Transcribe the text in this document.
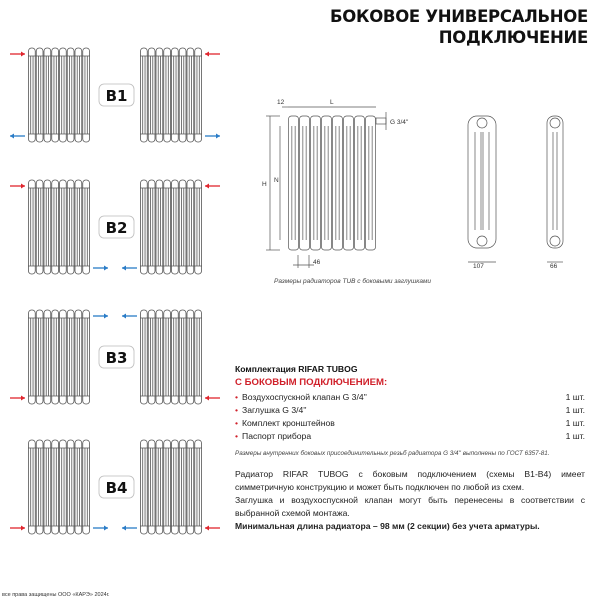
БОКОВОЕ УНИВЕРСАЛЬНОЕ
ПОДКЛЮЧЕНИЕ
B1
B2
B3
B4
12	L
G 3/4''
H
N
46
107	66
Размеры радиаторов TUB с боковыми заглушками
Комплектация RIFAR TUBOG
С БОКОВЫМ ПОДКЛЮЧЕНИЕМ:
• Воздухоспускной клапан G 3/4''	1 шт.
• Заглушка G 3/4''	1 шт.
• Комплект кронштейнов	1 шт.
• Паспорт прибора	1 шт.
Размеры внутренних боковых присоединительных резьб радиатора G 3/4'' выполнены по ГОСТ 6357-81.

Радиатор RIFAR TUBOG с боковым подключением (схемы B1-B4) имеет симметричную конструкцию и может быть подключен по любой из схем.

Заглушка и воздухоспускной клапан могут быть перенесены в соответствии с выбранной схемой монтажа.

Минимальная длина радиатора – 98 мм (2 секции) без учета арматуры.

все права защищены ООО «КАРЭ» 2024г.
